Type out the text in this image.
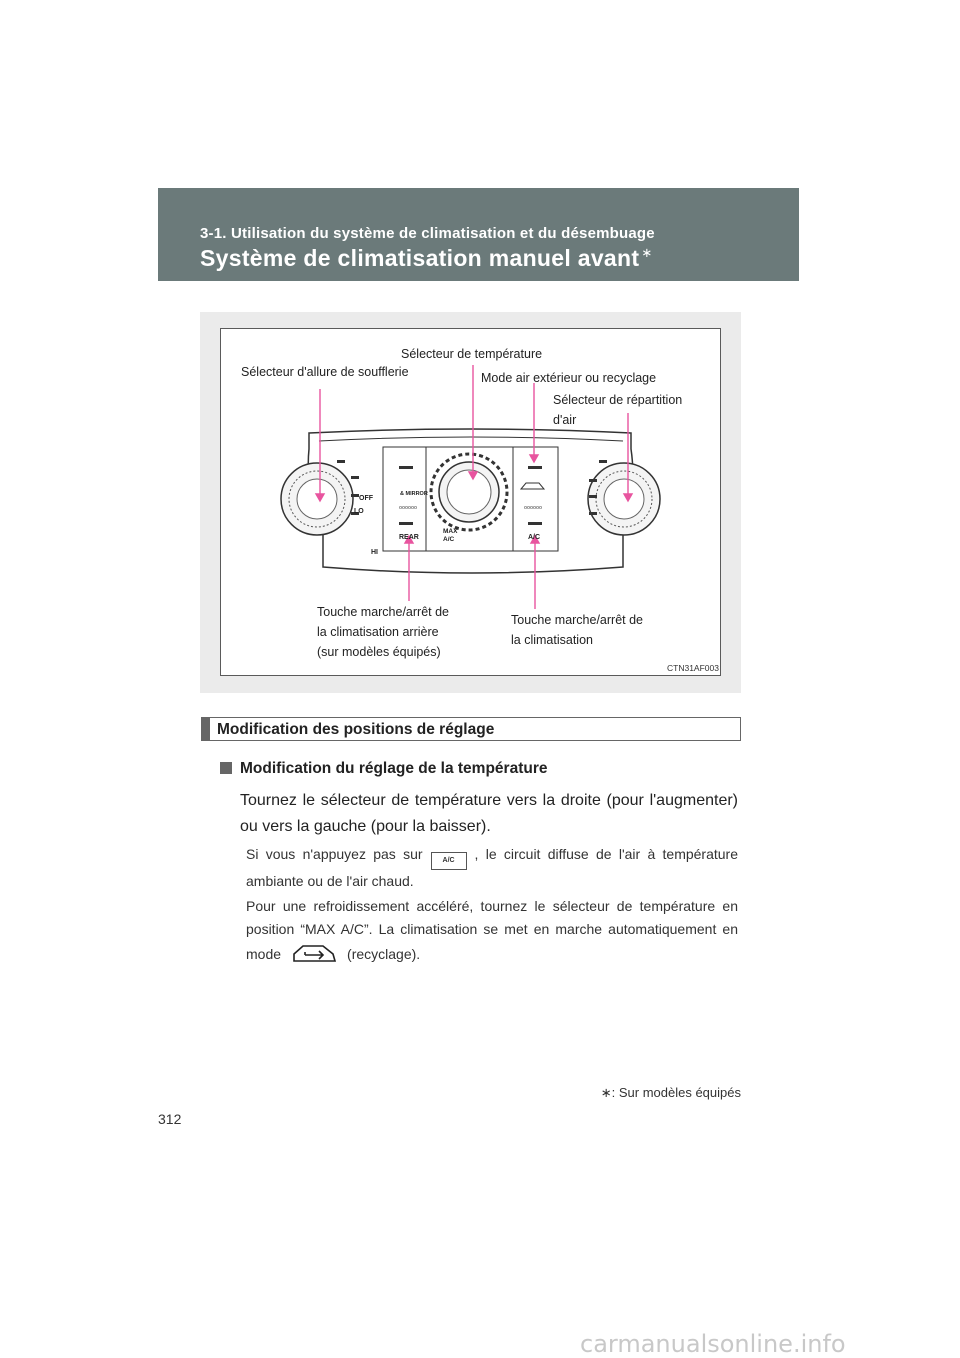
3-1. Utilisation du système de climatisation et du désembuage
Système de climatisation manuel avant ∗
oooooo	oooooo
Sélecteur d'allure de soufflerie
Sélecteur de température
Mode air extérieur ou recyclage
Sélecteur de répartition
d'air
OFF
LO
HI
& MIRROR
REAR
MAX
A/C	A/C
Touche marche/arrêt de
la climatisation arrière
(sur modèles équipés)
Touche marche/arrêt de
la climatisation
CTN31AF003
Modification des positions de réglage
Modification du réglage de la température
Tournez le sélecteur de température vers la droite (pour l'augmenter) ou vers la gauche (pour la baisser).
Si vous n'appuyez pas sur	A/C , le circuit diffuse de l'air à température ambiante ou de l'air chaud.
Pour une refroidissement accéléré, tournez le sélecteur de température en position “MAX A/C”. La climatisation se met en marche automatiquement en mode	(recyclage).
∗: Sur modèles équipés
312
carmanualsonline.info
